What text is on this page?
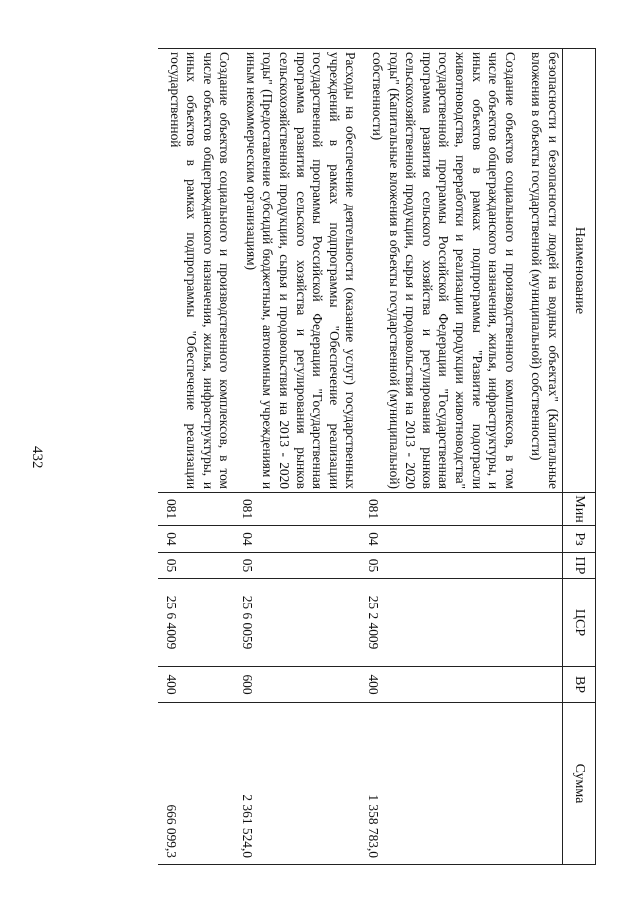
432
Наименование	Мин	Рз	ПР	ЦСР	ВР	Сумма
безопасности и безопасности людей на водных объектах" (Капитальные вложения в объекты государственной (муниципальной) собственности)						
Создание объектов социального и производственного комплексов, в том числе объектов общегражданского назначения, жилья, инфраструктуры, и иных объектов в рамках подпрограммы "Развитие подотрасли животноводства, переработки и реализации продукции животноводства" государственной программы Российской Федерации "Государственная программа развития сельского хозяйства и регулирования рынков сельскохозяйственной продукции, сырья и продовольствия на 2013 - 2020 годы" (Капитальные вложения в объекты государственной (муниципальной) собственности)	081	04	05	25 2 4009	400	1 358 783,0
Расходы на обеспечение деятельности (оказание услуг) государственных учреждений в рамках подпрограммы "Обеспечение реализации государственной программы Российской Федерации "Государственная программа развития сельского хозяйства и регулирования рынков сельскохозяйственной продукции, сырья и продовольствия на 2013 - 2020 годы" (Предоставление субсидий бюджетным, автономным учреждениям и иным некоммерческим организациям)	081	04	05	25 6 0059	600	2 361 524,0
Создание объектов социального и производственного комплексов, в том числе объектов общегражданского назначения, жилья, инфраструктуры, и иных объектов в рамках подпрограммы "Обеспечение реализации государственной	081	04	05	25 6 4009	400	666 099,3
